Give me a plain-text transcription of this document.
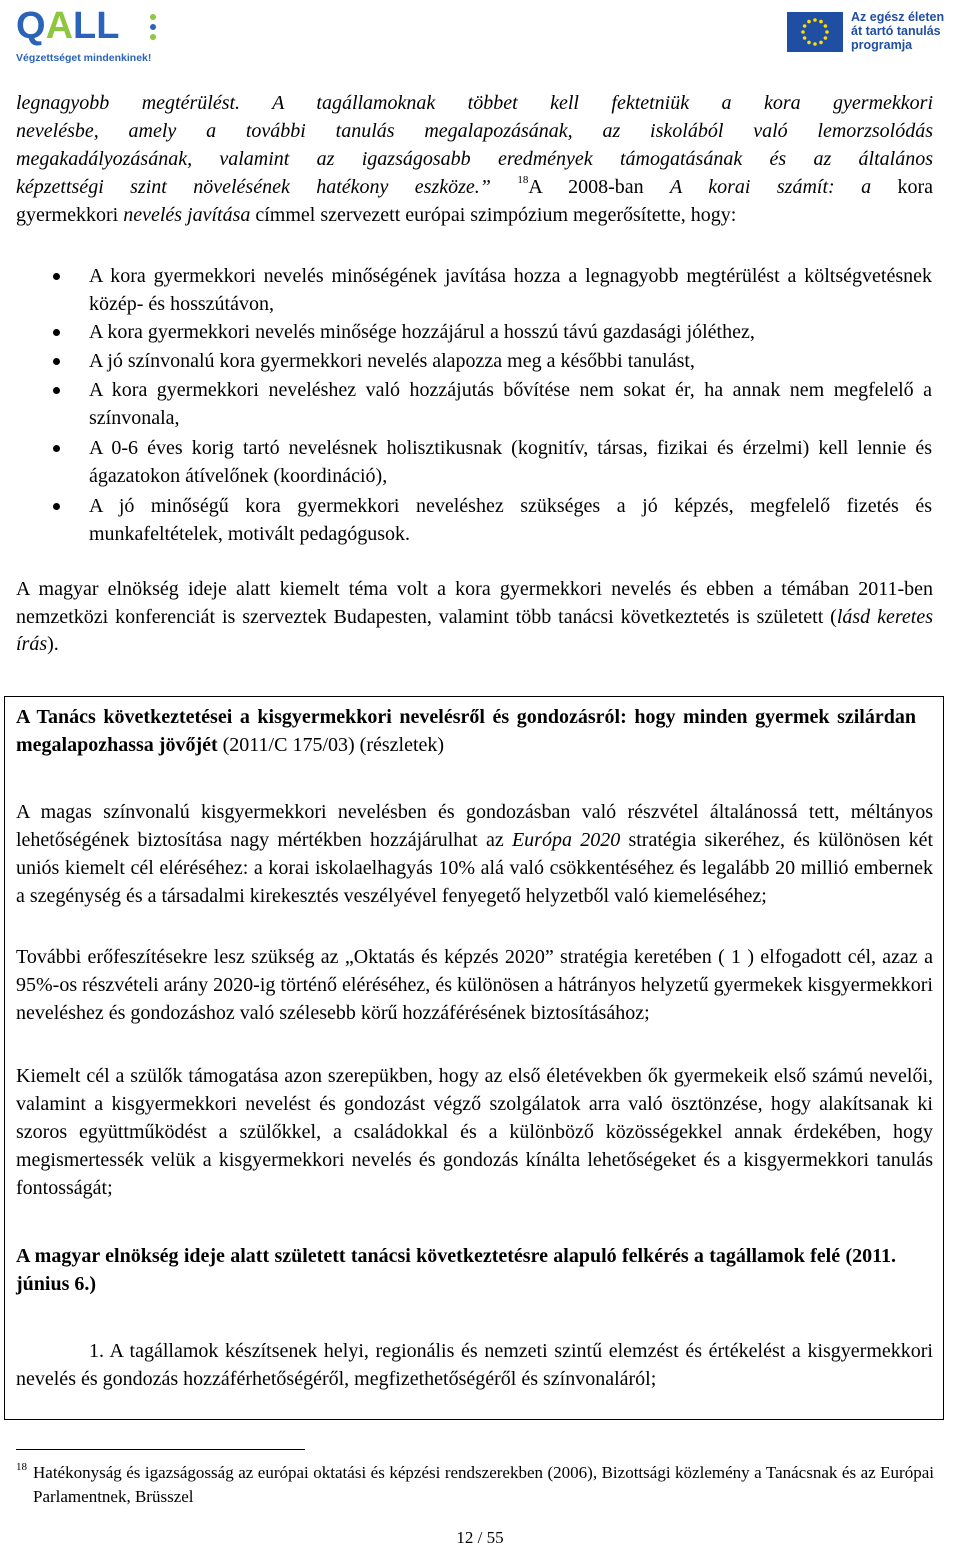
QALL
Végzettséget mindenkinek!
Az egész életen
át tartó tanulás
programja
legnagyobb megtérülést. A tagállamoknak többet kell fektetniük a kora gyermekkori
nevelésbe, amely a további tanulás megalapozásának, az iskolából való lemorzsolódás
megakadályozásának, valamint az igazságosabb eredmények támogatásának és az általános
képzettségi szint növelésének hatékony eszköze.” $^{18}$A 2008-ban A korai számít: a kora
gyermekkori nevelés javítása címmel szervezett európai szimpózium megerősítette, hogy:
A kora gyermekkori nevelés minőségének javítása hozza a legnagyobb megtérülést a költségvetésnek közép- és hosszútávon,
A kora gyermekkori nevelés minősége hozzájárul a hosszú távú gazdasági jóléthez,
A jó színvonalú kora gyermekkori nevelés alapozza meg a későbbi tanulást,
A kora gyermekkori neveléshez való hozzájutás bővítése nem sokat ér, ha annak nem megfelelő a színvonala,
A 0-6 éves korig tartó nevelésnek holisztikusnak (kognitív, társas, fizikai és érzelmi) kell lennie és ágazatokon átívelőnek (koordináció),
A jó minőségű kora gyermekkori neveléshez szükséges a jó képzés, megfelelő fizetés és munkafeltételek, motivált pedagógusok.
A magyar elnökség ideje alatt kiemelt téma volt a kora gyermekkori nevelés és ebben a témában 2011-ben nemzetközi konferenciát is szerveztek Budapesten, valamint több tanácsi következtetés is született (lásd keretes írás).
A Tanács következtetései a kisgyermekkori nevelésről és gondozásról: hogy minden gyermek szilárdan megalapozhassa jövőjét (2011/C 175/03) (részletek)
A magas színvonalú kisgyermekkori nevelésben és gondozásban való részvétel általánossá tett, méltányos lehetőségének biztosítása nagy mértékben hozzájárulhat az Európa 2020 stratégia sikeréhez, és különösen két uniós kiemelt cél eléréséhez: a korai iskolaelhagyás 10% alá való csökkentéséhez és legalább 20 millió embernek a szegénység és a társadalmi kirekesztés veszélyével fenyegető helyzetből való kiemeléséhez;
További erőfeszítésekre lesz szükség az „Oktatás és képzés 2020” stratégia keretében ( 1 ) elfogadott cél, azaz a 95%-os részvételi arány 2020-ig történő eléréséhez, és különösen a hátrányos helyzetű gyermekek kisgyermekkori neveléshez és gondozáshoz való szélesebb körű hozzáférésének biztosításához;
Kiemelt cél a szülők támogatása azon szerepükben, hogy az első életévekben ők gyermekeik első számú nevelői, valamint a kisgyermekkori nevelést és gondozást végző szolgálatok arra való ösztönzése, hogy alakítsanak ki szoros együttműködést a szülőkkel, a családokkal és a különböző közösségekkel annak érdekében, hogy megismertessék velük a kisgyermekkori nevelés és gondozás kínálta lehetőségeket és a kisgyermekkori tanulás fontosságát;
A magyar elnökség ideje alatt született tanácsi következtetésre alapuló felkérés a tagállamok felé (2011. június 6.)
1. A tagállamok készítsenek helyi, regionális és nemzeti szintű elemzést és értékelést a kisgyermekkori nevelés és gondozás hozzáférhetőségéről, megfizethetőségéről és színvonaláról;
18 Hatékonyság és igazságosság az európai oktatási és képzési rendszerekben (2006), Bizottsági közlemény a Tanácsnak és az Európai Parlamentnek, Brüsszel
12 / 55
